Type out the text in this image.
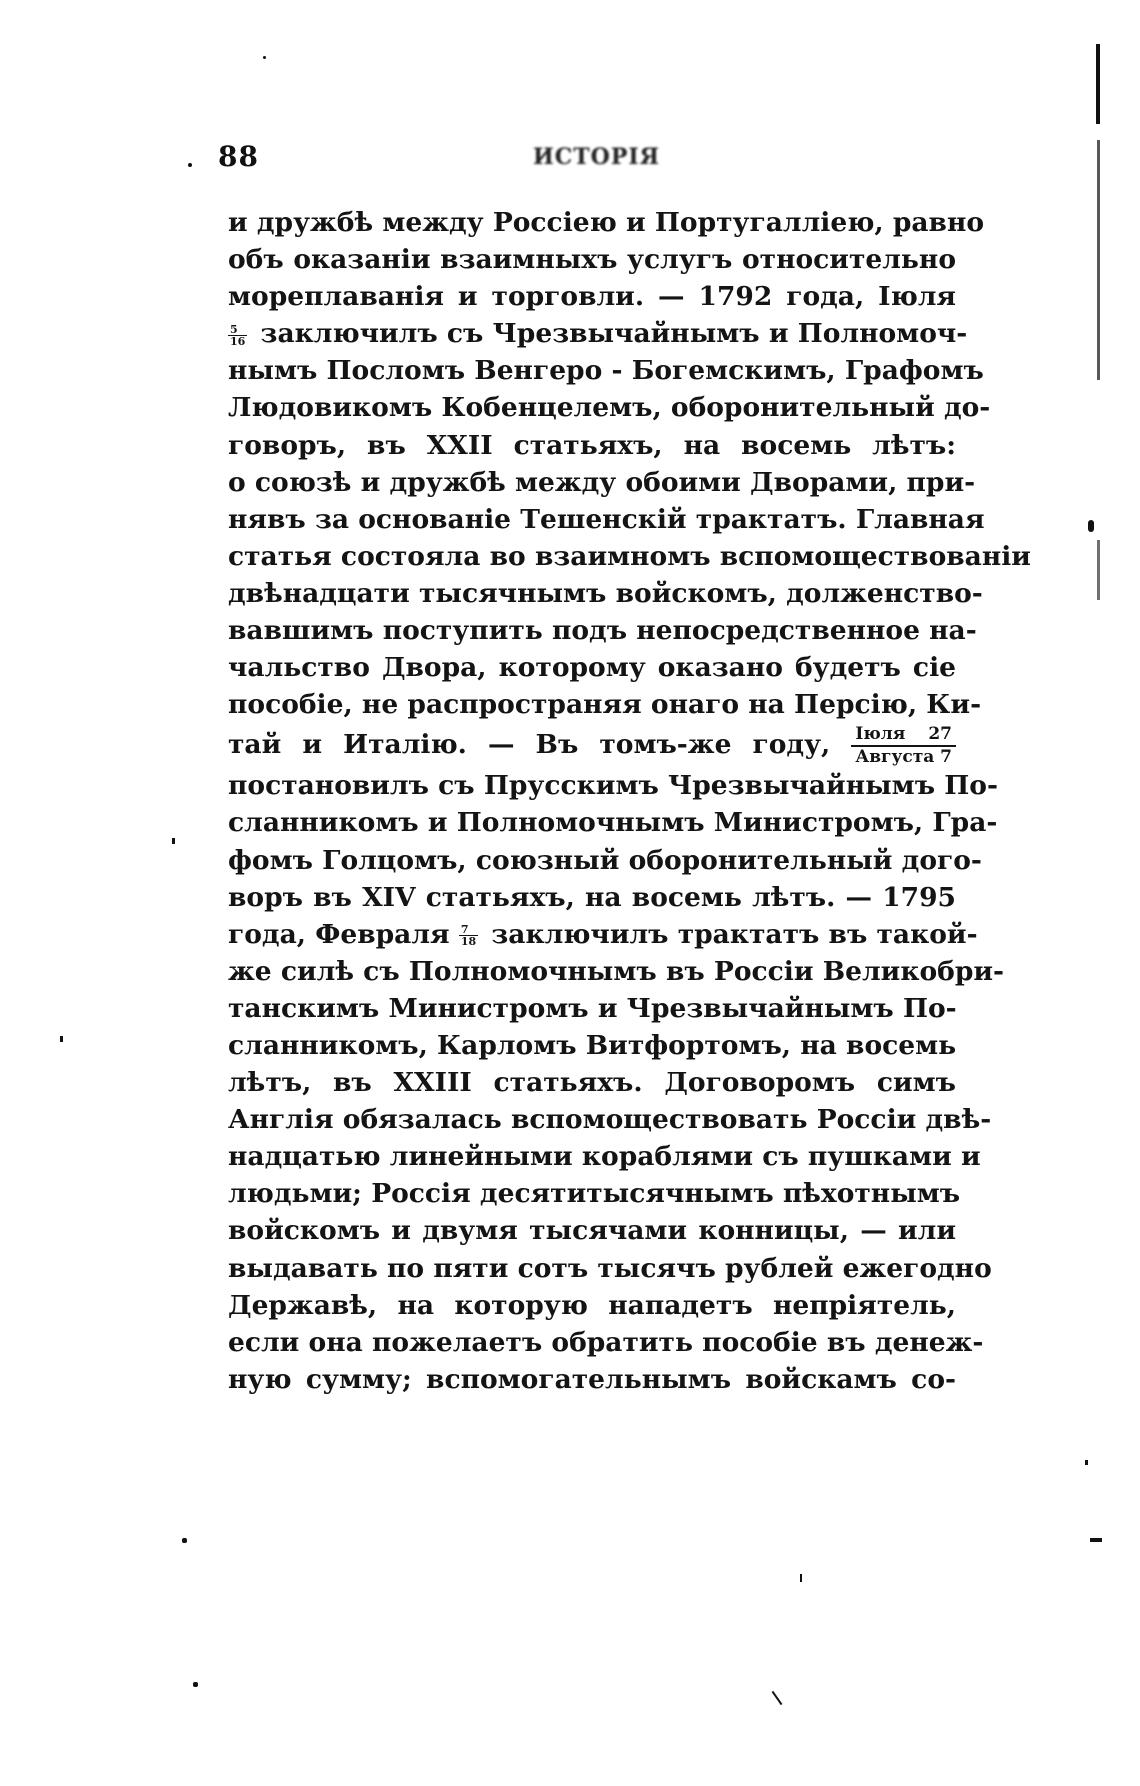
88	ИСТОРІЯ
и дружбѣ между Россіею и Португалліею, равно
объ оказаніи взаимныхъ услугъ относительно
мореплаванія и торговли. — 1792 года, Іюля
$\frac{5}{16}$ заключилъ съ Чрезвычайнымъ и Полномоч-
нымъ Посломъ Венгеро - Богемскимъ, Графомъ
Людовикомъ Кобенцелемъ, оборонительный до-
говоръ, въ XXII статьяхъ, на восемь лѣтъ:
о союзѣ и дружбѣ между обоими Дворами, при-
нявъ за основаніе Тешенскій трактатъ. Главная
статья состояла во взаимномъ вспомоществованіи
двѣнадцати тысячнымъ войскомъ, долженство-
вавшимъ поступить подъ непосредственное на-
чальство Двора, которому оказано будетъ сіе
пособіе, не распространяя онаго на Персію, Ки-
тай и Италію. — Въ томъ-же году, $\frac{\text{Іюля 27}}{\text{Августа 7}}$
постановилъ съ Прусскимъ Чрезвычайнымъ По-
сланникомъ и Полномочнымъ Министромъ, Гра-
фомъ Голцомъ, союзный оборонительный дого-
воръ въ XIV статьяхъ, на восемь лѣтъ. — 1795
года, Февраля $\frac{7}{18}$ заключилъ трактатъ въ такой-
же силѣ съ Полномочнымъ въ Россіи Великобри-
танскимъ Министромъ и Чрезвычайнымъ По-
сланникомъ, Карломъ Витфортомъ, на восемь
лѣтъ, въ XXIII статьяхъ. Договоромъ симъ
Англія обязалась вспомоществовать Россіи двѣ-
надцатью линейными кораблями съ пушками и
людьми; Россія десятитысячнымъ пѣхотнымъ
войскомъ и двумя тысячами конницы, — или
выдавать по пяти сотъ тысячъ рублей ежегодно
Державѣ, на которую нападетъ непріятель,
если она пожелаетъ обратить пособіе въ денеж-
ную сумму; вспомогательнымъ войскамъ со-
